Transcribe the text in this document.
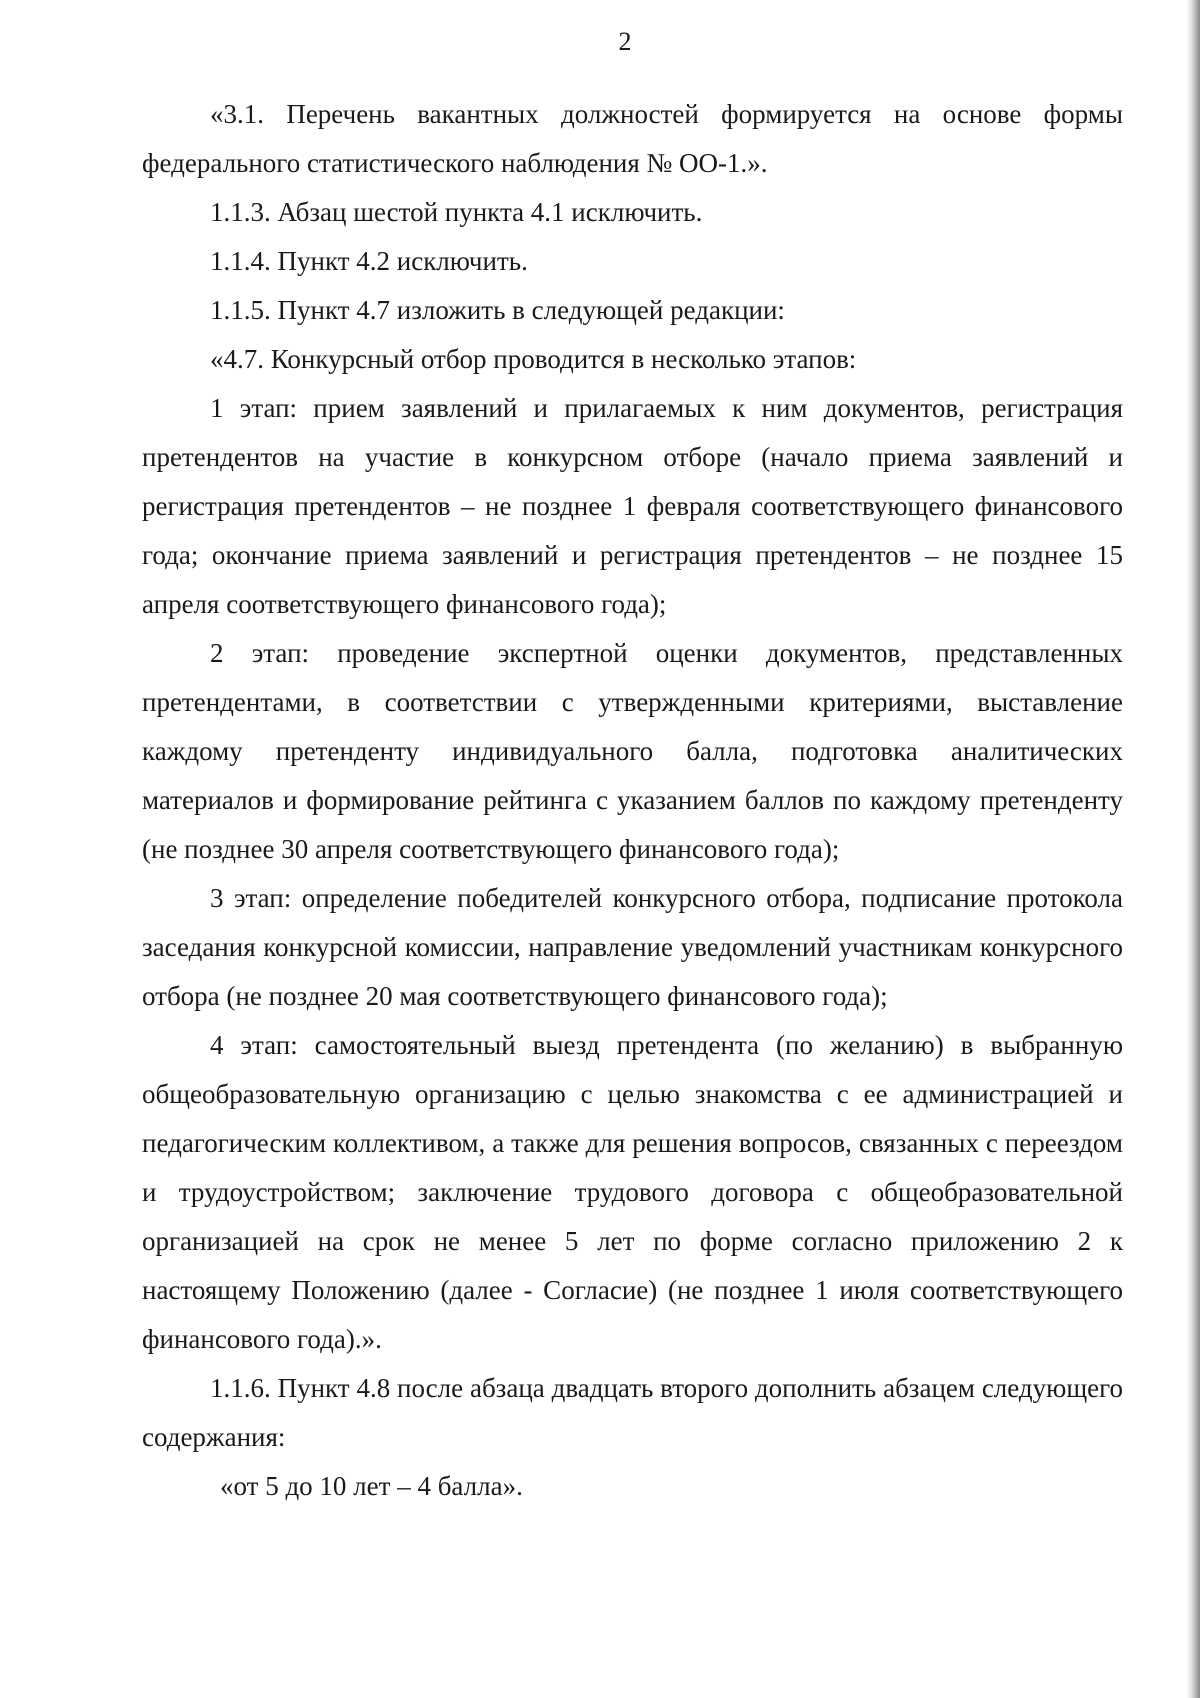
2

«3.1. Перечень вакантных должностей формируется на основе формы федерального статистического наблюдения № ОО-1.».

1.1.3. Абзац шестой пункта 4.1 исключить.

1.1.4. Пункт 4.2 исключить.

1.1.5. Пункт 4.7 изложить в следующей редакции:

«4.7. Конкурсный отбор проводится в несколько этапов:

1 этап: прием заявлений и прилагаемых к ним документов, регистрация претендентов на участие в конкурсном отборе (начало приема заявлений и регистрация претендентов – не позднее 1 февраля соответствующего финансового года; окончание приема заявлений и регистрация претендентов – не позднее 15 апреля соответствующего финансового года);

2 этап: проведение экспертной оценки документов, представленных претендентами, в соответствии с утвержденными критериями, выставление каждому претенденту индивидуального балла, подготовка аналитических материалов и формирование рейтинга с указанием баллов по каждому претенденту (не позднее 30 апреля соответствующего финансового года);

3 этап: определение победителей конкурсного отбора, подписание протокола заседания конкурсной комиссии, направление уведомлений участникам конкурсного отбора (не позднее 20 мая соответствующего финансового года);

4 этап: самостоятельный выезд претендента (по желанию) в выбранную общеобразовательную организацию с целью знакомства с ее администрацией и педагогическим коллективом, а также для решения вопросов, связанных с переездом и трудоустройством; заключение трудового договора с общеобразовательной организацией на срок не менее 5 лет по форме согласно приложению 2 к настоящему Положению (далее - Согласие) (не позднее 1 июля соответствующего финансового года).».

1.1.6. Пункт 4.8 после абзаца двадцать второго дополнить абзацем следующего содержания:

«от 5 до 10 лет – 4 балла».
